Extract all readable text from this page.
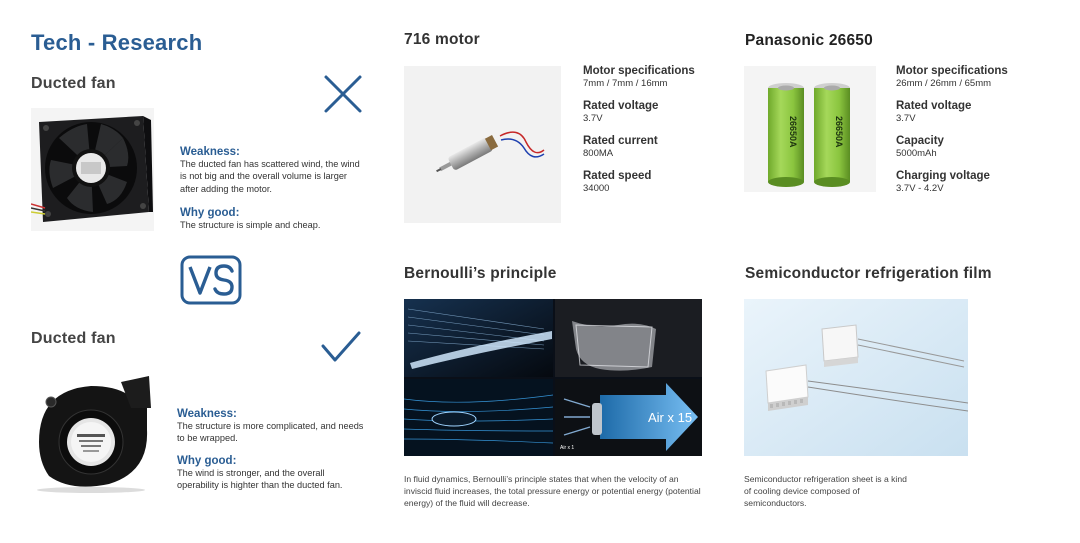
Tech - Research
Ducted fan
Weakness:
The ducted fan has scattered wind, the wind is not big and the overall volume is larger after adding the motor.
Why good:
The structure is simple and cheap.
Ducted fan
Weakness:
The structure is more complicated, and needs to be wrapped.
Why good:
The wind is stronger, and the overall operability is highter than the ducted fan.
716 motor
Motor specifications
7mm / 7mm / 16mm
Rated voltage
3.7V
Rated current
800MA
Rated speed
34000
Bernoulli’s principle
Air x 15
Air x 1
In fluid dynamics, Bernoulli’s principle states that when the velocity of an inviscid fluid increases, the total pressure energy or potential energy (potential energy) of the fluid will decrease.
Panasonic 26650
26650A	26650A
Motor specifications
26mm / 26mm / 65mm
Rated voltage
3.7V
Capacity
5000mAh
Charging voltage
3.7V - 4.2V
Semiconductor refrigeration film
Semiconductor refrigeration sheet is a kind of cooling device composed of semiconductors.
